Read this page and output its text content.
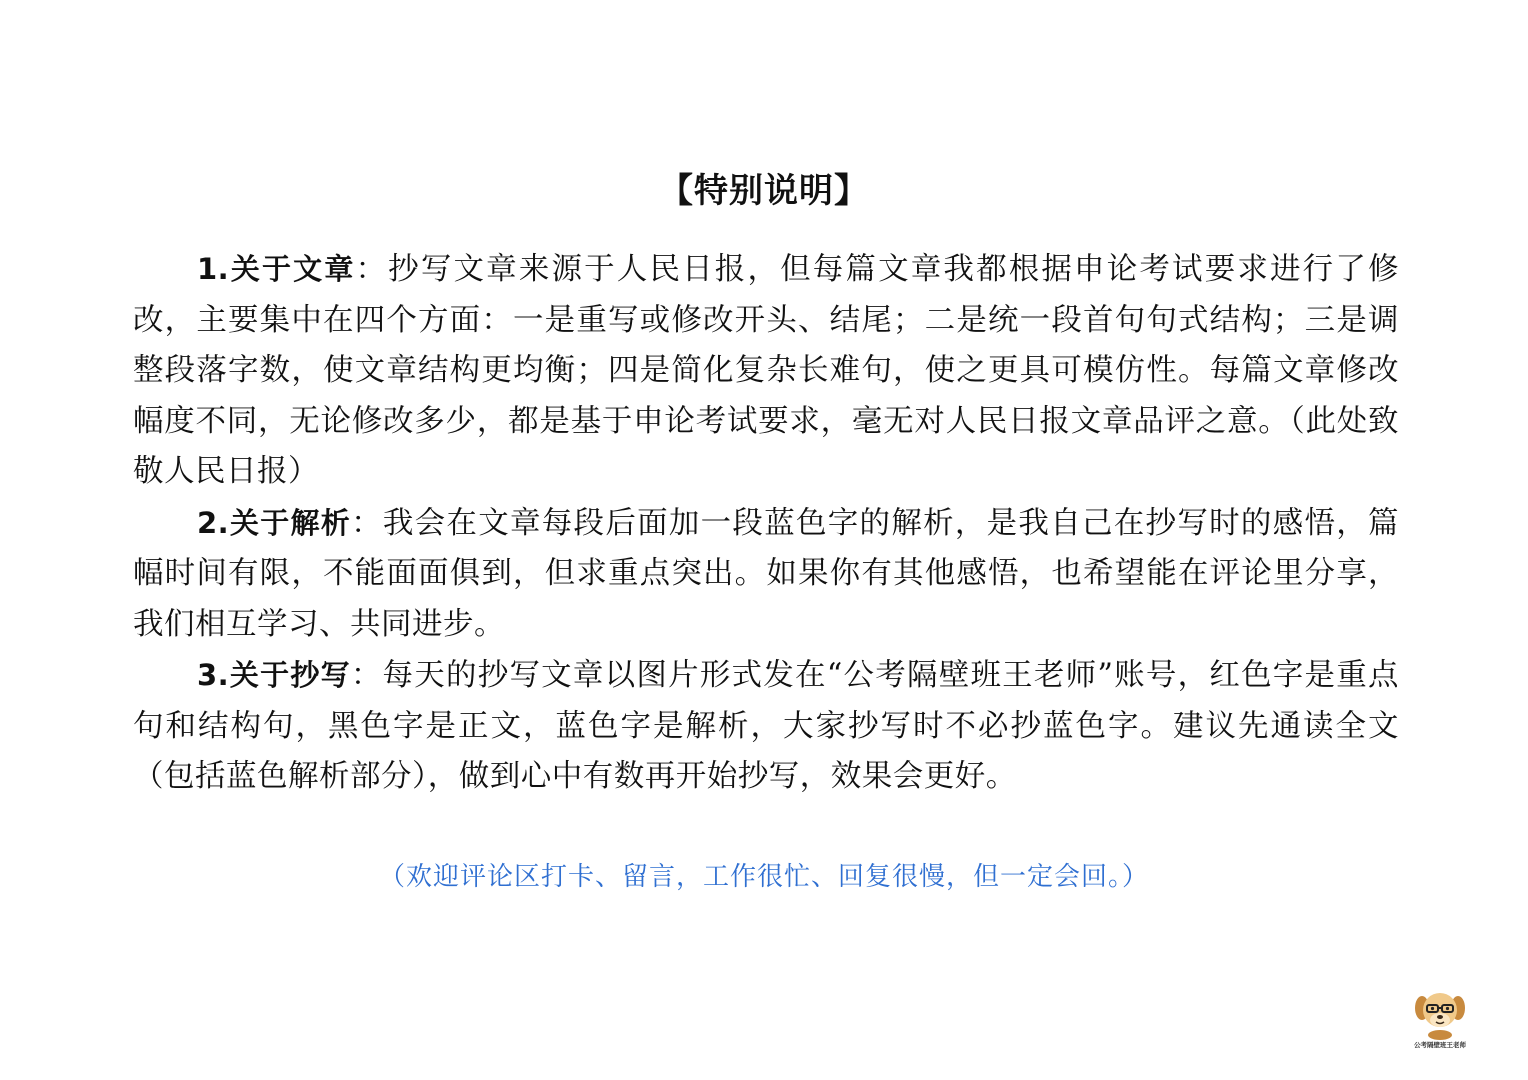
【特别说明】

1.关于文章：抄写文章来源于人民日报，但每篇文章我都根据申论考试要求进行了修改，主要集中在四个方面：一是重写或修改开头、结尾；二是统一段首句句式结构；三是调整段落字数，使文章结构更均衡；四是简化复杂长难句，使之更具可模仿性。每篇文章修改幅度不同，无论修改多少，都是基于申论考试要求，毫无对人民日报文章品评之意。（此处致敬人民日报）

2.关于解析：我会在文章每段后面加一段蓝色字的解析，是我自己在抄写时的感悟，篇幅时间有限，不能面面俱到，但求重点突出。如果你有其他感悟，也希望能在评论里分享，我们相互学习、共同进步。

3.关于抄写：每天的抄写文章以图片形式发在“公考隔壁班王老师”账号，红色字是重点句和结构句，黑色字是正文，蓝色字是解析，大家抄写时不必抄蓝色字。建议先通读全文（包括蓝色解析部分），做到心中有数再开始抄写，效果会更好。

（欢迎评论区打卡、留言，工作很忙、回复很慢，但一定会回。）
公考隔壁班王老师
